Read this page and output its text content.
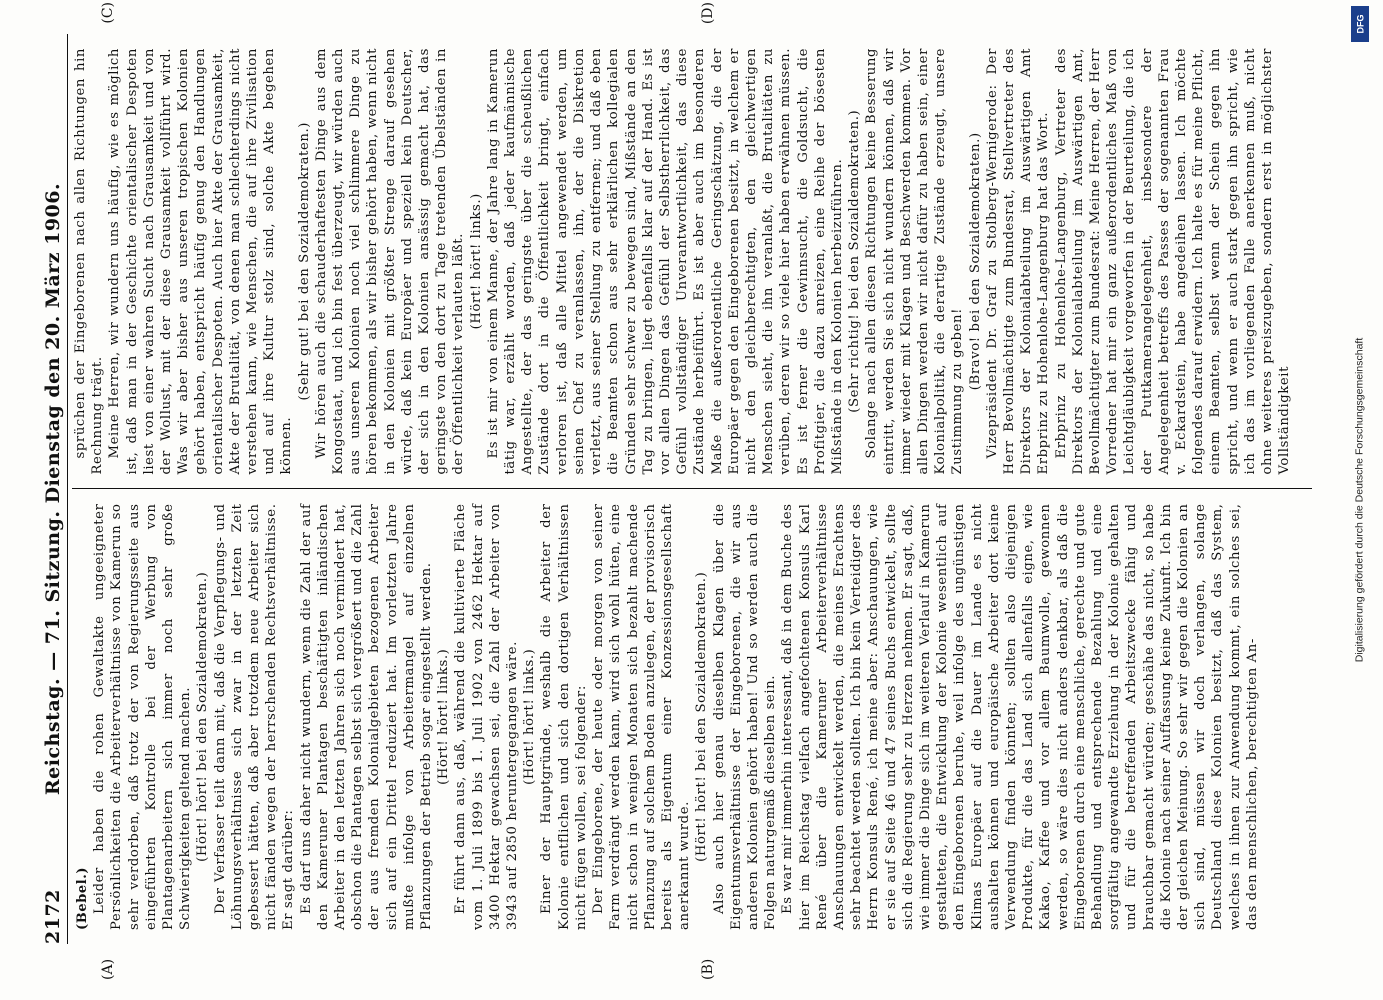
2172
Reichstag. — 71. Sitzung. Dienstag den 20. März 1906.
(Bebel.) Leider haben die rohen Gewaltakte ungeeigneter Persönlichkeiten die Arbeiterverhältnisse von Kamerun so sehr verdorben, daß trotz der von Regierungsseite aus eingeführten Kontrolle bei der Werbung von Plantagenarbeitern sich immer noch sehr große Schwierigkeiten geltend machen. (Hört! hört! bei den Sozialdemokraten.) Der Verfasser teilt dann mit, daß die Verpflegungs- und Löhnungsverhältnisse sich zwar in der letzten Zeit gebessert hätten, daß aber trotzdem neue Arbeiter sich nicht fänden wegen der herrschenden Rechtsverhältnisse. Er sagt darüber: Es darf uns daher nicht wundern, wenn die Zahl der auf den Kameruner Plantagen beschäftigten inländischen Arbeiter in den letzten Jahren sich noch vermindert hat, obschon die Plantagen selbst sich vergrößert und die Zahl der aus fremden Kolonialgebieten bezogenen Arbeiter sich auf ein Drittel reduziert hat. Im vorletzten Jahre mußte infolge von Arbeitermangel auf einzelnen Pflanzungen der Betrieb sogar eingestellt werden. (Hört! hört! links.) Er führt dann aus, daß, während die kultivierte Fläche vom 1. Juli 1899 bis 1. Juli 1902 von 2462 Hektar auf 3400 Hektar gewachsen sei, die Zahl der Arbeiter von 3943 auf 2850 heruntergegangen wäre. (Hört! hört! links.) Einer der Hauptgründe, weshalb die Arbeiter der Kolonie entflichen und sich den dortigen Verhältnissen nicht fügen wollen, sei folgender: Der Eingeborene, der heute oder morgen von seiner Farm verdrängt werden kann, wird sich wohl hüten, eine nicht schon in wenigen Monaten sich bezahlt machende Pflanzung auf solchem Boden anzulegen, der provisorisch bereits als Eigentum einer Konzessionsgesellschaft anerkannt wurde.

(Hört! hört! bei den Sozialdemokraten.) Also auch hier genau dieselben Klagen über die Eigentumsverhältnisse der Eingeborenen, die wir aus anderen Kolonien gehört haben! Und so werden auch die Folgen naturgemäß dieselben sein. Es war mir immerhin interessant, daß in dem Buche des hier im Reichstag vielfach angefochtenen Konsuls Karl René über die Kameruner Arbeiterverhältnisse Anschauungen entwickelt werden, die meines Erachtens sehr beachtet werden sollten. Ich bin kein Verteidiger des Herrn Konsuls René, ich meine aber: Anschauungen, wie er sie auf Seite 46 und 47 seines Buchs entwickelt, sollte sich die Regierung sehr zu Herzen nehmen. Er sagt, daß, wie immer die Dinge sich im weiteren Verlauf in Kamerun gestalteten, die Entwicklung der Kolonie wesentlich auf den Eingeborenen beruhe, weil infolge des ungünstigen Klimas Europäer auf die Dauer im Lande es nicht aushalten können und europäische Arbeiter dort keine Verwendung finden könnten; sollten also diejenigen Produkte, für die das Land sich allenfalls eigne, wie Kakao, Kaffee und vor allem Baumwolle, gewonnen werden, so wäre dies nicht anders denkbar, als daß die Eingeborenen durch eine menschliche, gerechte und gute Behandlung und entsprechende Bezahlung und eine sorgfältig angewandte Erziehung in der Kolonie gehalten und für die betreffenden Arbeitszwecke fähig und brauchbar gemacht würden; geschähe das nicht, so habe die Kolonie nach seiner Auffassung keine Zukunft. Ich bin der gleichen Meinung. So sehr wir gegen die Kolonien an sich sind, müssen wir doch verlangen, solange Deutschland diese Kolonien besitzt, daß das System, welches in ihnen zur Anwendung kommt, ein solches sei, das den menschlichen, berechtigten An-

sprüchen der Eingeborenen nach allen Richtungen hin Rechnung trägt. Meine Herren, wir wundern uns häufig, wie es möglich ist, daß man in der Geschichte orientalischer Despoten liest von einer wahren Sucht nach Grausamkeit und von der Wollust, mit der diese Grausamkeit vollführt wird. Was wir aber bisher aus unseren tropischen Kolonien gehört haben, entspricht häufig genug den Handlungen orientalischer Despoten. Auch hier Akte der Grausamkeit, Akte der Brutalität, von denen man schlechterdings nicht verstehen kann, wie Menschen, die auf ihre Zivilisation und auf ihre Kultur stolz sind, solche Akte begehen können.

(Sehr gut! bei den Sozialdemokraten.) Wir hören auch die schauderhaftesten Dinge aus dem Kongostaat, und ich bin fest überzeugt, wir würden auch aus unseren Kolonien noch viel schlimmere Dinge zu hören bekommen, als wir bisher gehört haben, wenn nicht in den Kolonien mit größter Strenge darauf gesehen würde, daß kein Europäer und speziell kein Deutscher, der sich in den Kolonien ansässig gemacht hat, das geringste von den dort zu Tage tretenden Übelständen in der Öffentlichkeit verlauten läßt. (Hört! hört! links.) Es ist mir von einem Manne, der Jahre lang in Kamerun tätig war, erzählt worden, daß jeder kaufmännische Angestellte, der das geringste über die scheußlichen Zustände dort in die Öffentlichkeit bringt, einfach verloren ist, daß alle Mittel angewendet werden, um seinen Chef zu veranlassen, ihn, der die Diskretion verletzt, aus seiner Stellung zu entfernen; und daß eben die Beamten schon aus sehr erklärlichen kollegialen Gründen sehr schwer zu bewegen sind, Mißstände an den Tag zu bringen, liegt ebenfalls klar auf der Hand. Es ist vor allen Dingen das Gefühl der Selbstherrlichkeit, das Gefühl vollständiger Unverantwortlichkeit, das diese Zustände herbeiführt. Es ist aber auch im besonderen Maße die außerordentliche Geringschätzung, die der Europäer gegen den Eingeborenen besitzt, in welchem er nicht den gleichberechtigten, den gleichwertigen Menschen sieht, die ihn veranlaßt, die Brutalitäten zu verüben, deren wir so viele hier haben erwähnen müssen. Es ist ferner die Gewinnsucht, die Goldsucht, die Profitgier, die dazu anreizen, eine Reihe der bösesten Mißstände in den Kolonien herbeizuführen. (Sehr richtig! bei den Sozialdemokraten.) Solange nach allen diesen Richtungen keine Besserung eintritt, werden Sie sich nicht wundern können, daß wir immer wieder mit Klagen und Beschwerden kommen. Vor allen Dingen werden wir nicht dafür zu haben sein, einer Kolonialpolitik, die derartige Zustände erzeugt, unsere Zustimmung zu geben!

(Bravo! bei den Sozialdemokraten.) Vizepräsident Dr. Graf zu Stolberg-Wernigerode: Der Herr Bevollmächtigte zum Bundesrat, Stellvertreter des Direktors der Kolonialabteilung im Auswärtigen Amt Erbprinz zu Hohenlohe-Langenburg hat das Wort. Erbprinz zu Hohenlohe-Langenburg, Vertreter des Direktors der Kolonialabteilung im Auswärtigen Amt, Bevollmächtigter zum Bundesrat: Meine Herren, der Herr Vorredner hat mir ein ganz außerordentliches Maß von Leichtgläubigkeit vorgeworfen in der Beurteilung, die ich der Puttkamerangelegenheit, insbesondere der Angelegenheit betreffs des Passes der sogenannten Frau v. Eckardstein, habe angedeihen lassen. Ich möchte folgendes darauf erwidern. Ich halte es für meine Pflicht, einem Beamten, selbst wenn der Schein gegen ihn spricht, und wenn er auch stark gegen ihn spricht, wie ich das im vorliegenden Falle anerkennen muß, nicht ohne weiteres preiszugeben, sondern erst in möglichster Vollständigkeit

(A)	(B)
(C)	(D)	DFG
Digitalisierung gefördert durch die Deutsche Forschungsgemeinschaft
